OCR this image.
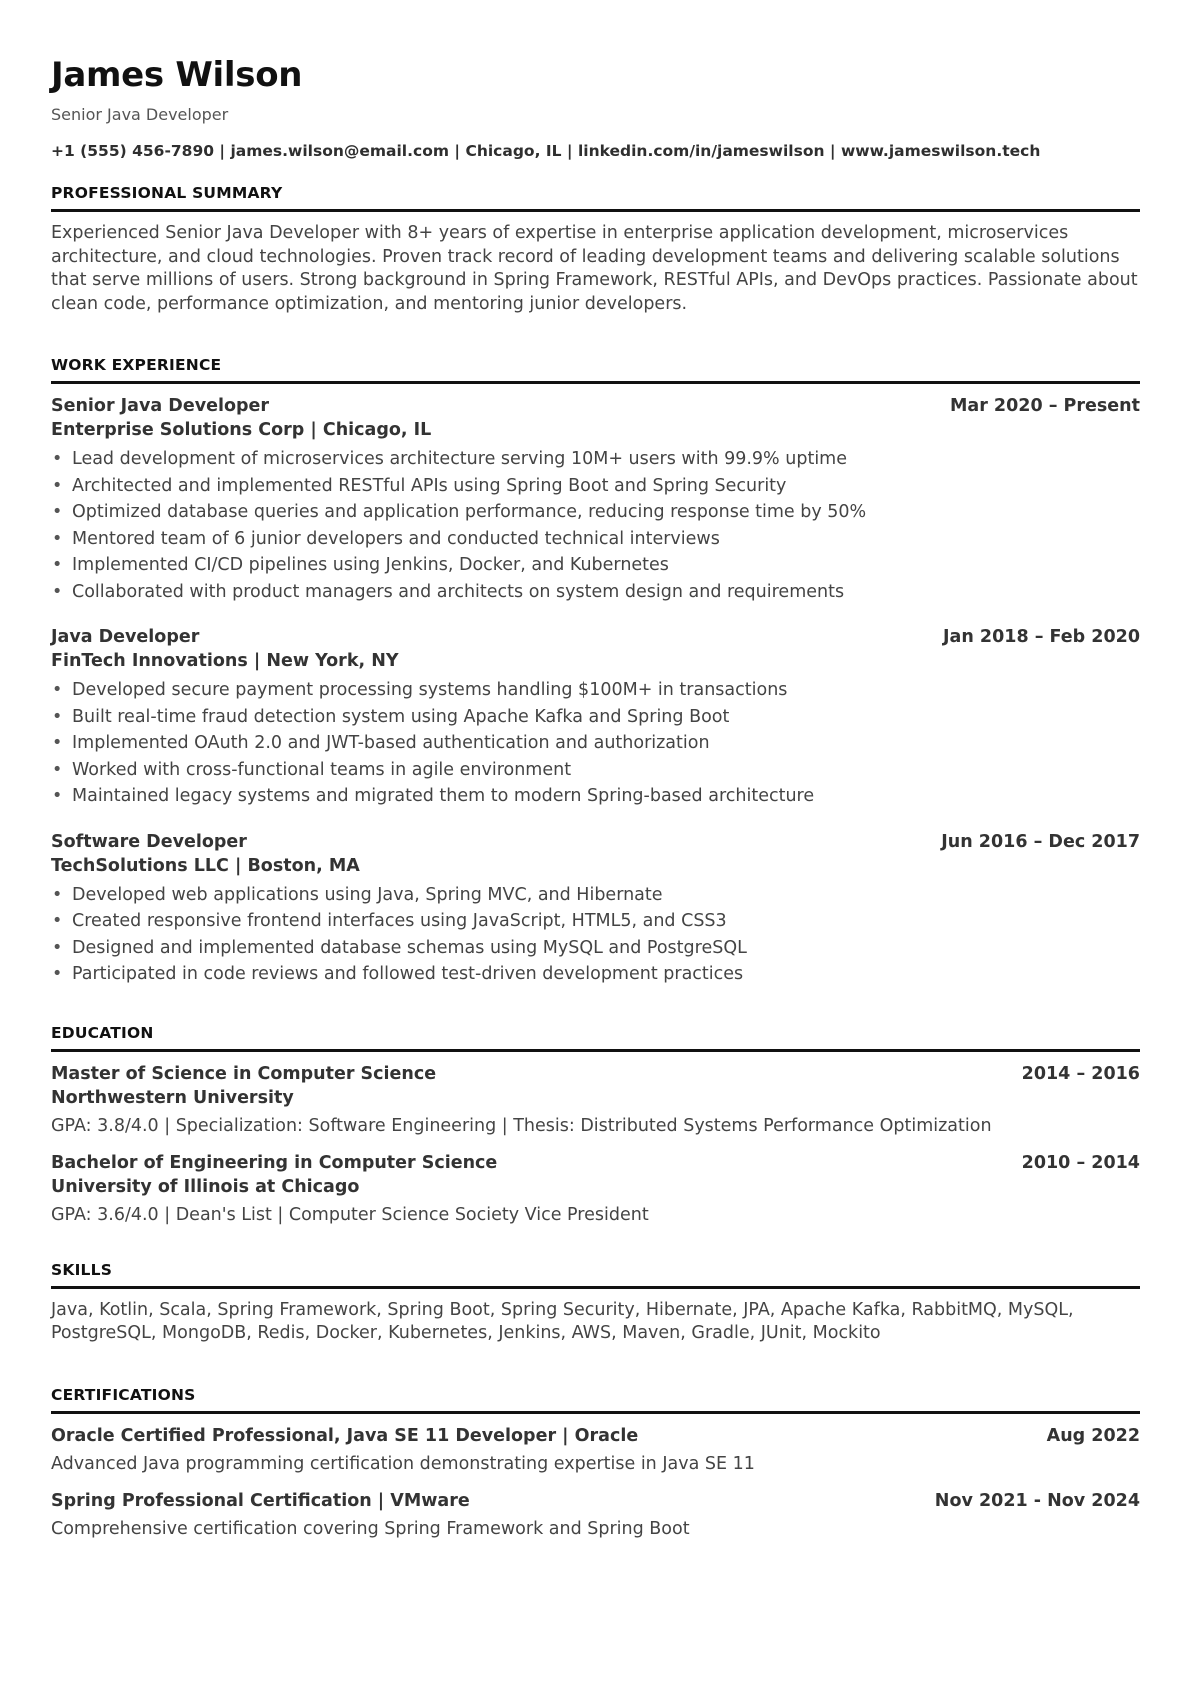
James Wilson
Senior Java Developer
+1 (555) 456-7890 | james.wilson@email.com | Chicago, IL | linkedin.com/in/jameswilson | www.jameswilson.tech
PROFESSIONAL SUMMARY
Experienced Senior Java Developer with 8+ years of expertise in enterprise application development, microservices architecture, and cloud technologies. Proven track record of leading development teams and delivering scalable solutions that serve millions of users. Strong background in Spring Framework, RESTful APIs, and DevOps practices. Passionate about clean code, performance optimization, and mentoring junior developers.
WORK EXPERIENCE
Senior Java Developer	Mar 2020 – Present
Enterprise Solutions Corp | Chicago, IL
• Lead development of microservices architecture serving 10M+ users with 99.9% uptime
• Architected and implemented RESTful APIs using Spring Boot and Spring Security
• Optimized database queries and application performance, reducing response time by 50%
• Mentored team of 6 junior developers and conducted technical interviews
• Implemented CI/CD pipelines using Jenkins, Docker, and Kubernetes
• Collaborated with product managers and architects on system design and requirements
Java Developer	Jan 2018 – Feb 2020
FinTech Innovations | New York, NY
• Developed secure payment processing systems handling $100M+ in transactions
• Built real-time fraud detection system using Apache Kafka and Spring Boot
• Implemented OAuth 2.0 and JWT-based authentication and authorization
• Worked with cross-functional teams in agile environment
• Maintained legacy systems and migrated them to modern Spring-based architecture
Software Developer	Jun 2016 – Dec 2017
TechSolutions LLC | Boston, MA
• Developed web applications using Java, Spring MVC, and Hibernate
• Created responsive frontend interfaces using JavaScript, HTML5, and CSS3
• Designed and implemented database schemas using MySQL and PostgreSQL
• Participated in code reviews and followed test-driven development practices
EDUCATION
Master of Science in Computer Science	2014 – 2016
Northwestern University
GPA: 3.8/4.0 | Specialization: Software Engineering | Thesis: Distributed Systems Performance Optimization
Bachelor of Engineering in Computer Science	2010 – 2014
University of Illinois at Chicago
GPA: 3.6/4.0 | Dean's List | Computer Science Society Vice President
SKILLS
Java, Kotlin, Scala, Spring Framework, Spring Boot, Spring Security, Hibernate, JPA, Apache Kafka, RabbitMQ, MySQL, PostgreSQL, MongoDB, Redis, Docker, Kubernetes, Jenkins, AWS, Maven, Gradle, JUnit, Mockito
CERTIFICATIONS
Oracle Certified Professional, Java SE 11 Developer | Oracle	Aug 2022
Advanced Java programming certification demonstrating expertise in Java SE 11
Spring Professional Certification | VMware	Nov 2021 - Nov 2024
Comprehensive certification covering Spring Framework and Spring Boot
